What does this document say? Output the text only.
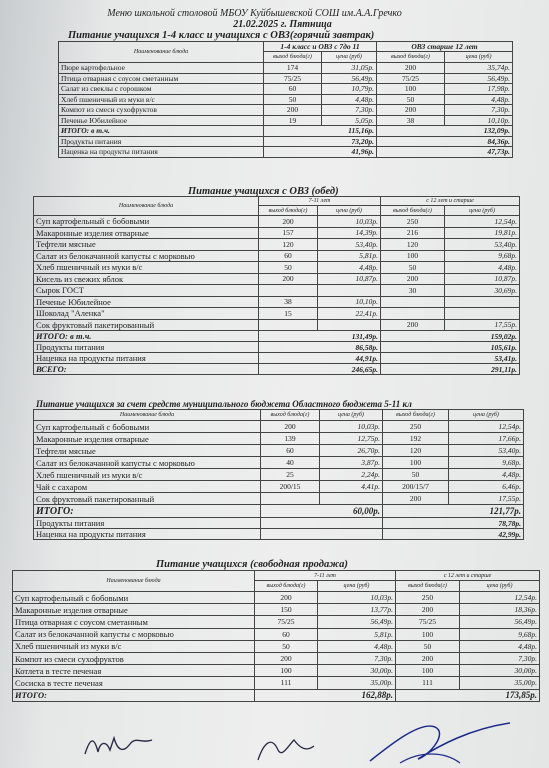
Меню школьной столовой МБОУ Куйбышевской СОШ им.А.А.Гречко
21.02.2025 г. Пятница
Питание учащихся 1-4 класс и учащихся с ОВЗ(горячий завтрак)
Наименование блюда	1-4 класс и ОВЗ с 7до 11		ОВЗ старше 12 лет	
	выход блюда(г)	цена (руб)	выход блюда(г)	цена (руб)
Пюре картофельное	174	31,05р.	200	35,74р.
Птица отварная с соусом сметанным	75/25	56,49р.	75/25	56,49р.
Салат из свеклы с горошком	60	10,79р.	100	17,98р.
Хлеб пшеничный из муки в/с	50	4,48р.	50	4,48р.
Компот из смеси сухофруктов	200	7,30р.	200	7,30р.
Печенье Юбилейное	19	5,05р.	38	10,10р.
ИТОГО: в т.ч.	115,16р.		132,09р.	
Продукты питания	73,20р.		84,36р.	
Наценка на продукты питания	41,96р.		47,73р.	
Питание учащихся с ОВЗ (обед)
Наименование блюда	7-11 лет		с 12 лет и старше	
	выход блюда(г)	цена (руб)	выход блюда(г)	цена (руб)
Суп картофельный с бобовыми	200	10,03р.	250	12,54р.
Макаронные изделия отварные	157	14,39р.	216	19,81р.
Тефтели мясные	120	53,40р.	120	53,40р.
Салат из белокачанной капусты с морковью	60	5,81р.	100	9,68р.
Хлеб пшеничный из муки в/с	50	4,48р.	50	4,48р.
Кисель из свежих яблок	200	10,87р.	200	10,87р.
Сырок ГОСТ			30	30,69р.
Печенье Юбилейное	38	10,10р.		
Шоколад "Аленка"	15	22,41р.		
Сок фруктовый пакетированный			200	17,55р.
ИТОГО: в т.ч.	131,49р.		159,02р.	
Продукты питания	86,58р.		105,61р.	
Наценка на продукты питания	44,91р.		53,41р.	
ВСЕГО:	246,65р.		291,11р.	
Питание учащихся за счет средств муниципального бюджета Областного бюджета 5-11 кл
Наименование блюда	выход блюда(г)	цена (руб)	выход блюда(г)	цена (руб)
Суп картофельный с бобовыми	200	10,03р.	250	12,54р.
Макаронные изделия отварные	139	12,75р.	192	17,66р.
Тефтели мясные	60	26,70р.	120	53,40р.
Салат из белокачанной капусты с морковью	40	3,87р.	100	9,68р.
Хлеб пшеничный из муки в/с	25	2,24р.	50	4,48р.
Чай с сахаром	200/15	4,41р.	200/15/7	6,46р.
Сок фруктовый пакетированный			200	17,55р.
ИТОГО:	60,00р.		121,77р.	
Продукты питания			78,78р.	
Наценка на продукты питания			42,99р.	
Питание учащихся (свободная продажа)
Наименование блюда	7-11 лет		с 12 лет и старше	
	выход блюда(г)	цена (руб)	выход блюда(г)	цена (руб)
Суп картофельный с бобовыми	200	10,03р.	250	12,54р.
Макаронные изделия отварные	150	13,77р.	200	18,36р.
Птица отварная с соусом сметанным	75/25	56,49р.	75/25	56,49р.
Салат из белокачанной капусты с морковью	60	5,81р.	100	9,68р.
Хлеб пшеничный из муки в/с	50	4,48р.	50	4,48р.
Компот из смеси сухофруктов	200	7,30р.	200	7,30р.
Котлета в тесте печеная	100	30,00р.	100	30,00р.
Сосиска в тесте печеная	111	35,00р.	111	35,00р.
ИТОГО:	162,88р.		173,85р.	
